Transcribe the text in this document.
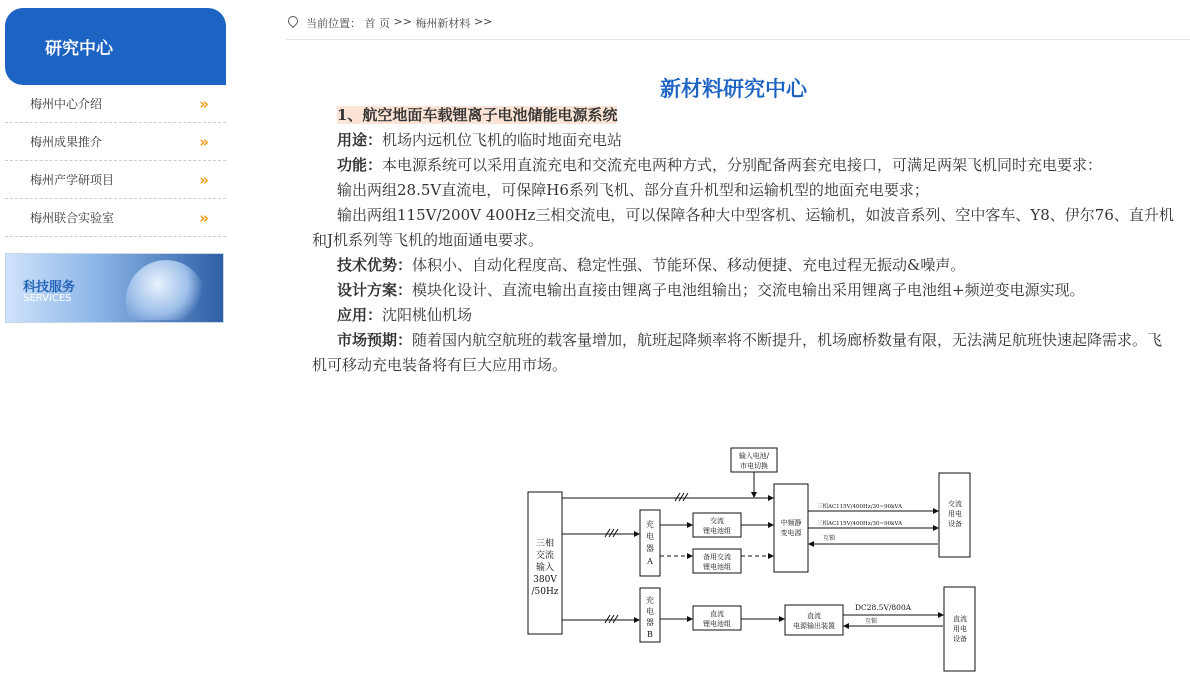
研究中心
梅州中心介绍	»
梅州成果推介	»
梅州产学研项目	»
梅州联合实验室	»
科技服务
SERVICES
当前位置：
首 页
>>
梅州新材料
>>
新材料研究中心

1、航空地面车载锂离子电池储能电源系统

用途：机场内远机位飞机的临时地面充电站

功能：本电源系统可以采用直流充电和交流充电两种方式，分别配备两套充电接口，可满足两架飞机同时充电要求：

输出两组28.5V直流电，可保障H6系列飞机、部分直升机型和运输机型的地面充电要求；

输出两组115V/200V 400Hz三相交流电，可以保障各种大中型客机、运输机，如波音系列、空中客车、Y8、伊尔76、直升机和J机系列等飞机的地面通电要求。

技术优势：体积小、自动化程度高、稳定性强、节能环保、移动便捷、充电过程无振动&噪声。

设计方案：模块化设计、直流电输出直接由锂离子电池组输出；交流电输出采用锂离子电池组+频逆变电源实现。

应用：沈阳桃仙机场

市场预期：随着国内航空航班的载客量增加，航班起降频率将不断提升，机场廊桥数量有限，无法满足航班快速起降需求。飞机可移动充电装备将有巨大应用市场。

三相
交流
输入
380V
/50Hz
输入电池/
市电切换
充
电
器
A
交流
锂电池组
备用交流
锂电池组
中频静
变电源
三相AC115V/400Hz/30~90kVA
三相AC115V/400Hz/30~90kVA
互锁
交流
用电
设备
充
电
器
B
直流
锂电池组
直流
电源输出装置
DC28.5V/800A
互锁	直流
用电
设备
